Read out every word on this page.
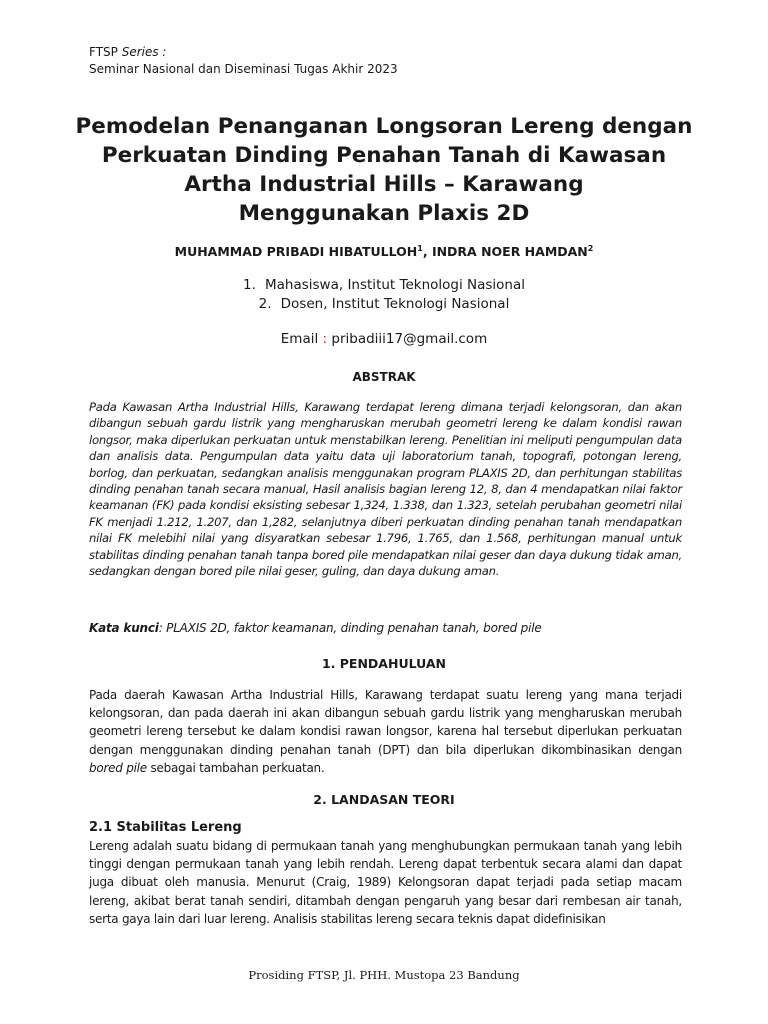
FTSP Series :
Seminar Nasional dan Diseminasi Tugas Akhir 2023
Pemodelan Penanganan Longsoran Lereng dengan
Perkuatan Dinding Penahan Tanah di Kawasan
Artha Industrial Hills – Karawang
Menggunakan Plaxis 2D
MUHAMMAD PRIBADI HIBATULLOH$^1$, INDRA NOER HAMDAN$^2$
1. Mahasiswa, Institut Teknologi Nasional
2. Dosen, Institut Teknologi Nasional
Email : pribadiii17@gmail.com
ABSTRAK
Pada Kawasan Artha Industrial Hills, Karawang terdapat lereng dimana terjadi kelongsoran, dan akan dibangun sebuah gardu listrik yang mengharuskan merubah geometri lereng ke dalam kondisi rawan longsor, maka diperlukan perkuatan untuk menstabilkan lereng. Penelitian ini meliputi pengumpulan data dan analisis data. Pengumpulan data yaitu data uji laboratorium tanah, topografi, potongan lereng, borlog, dan perkuatan, sedangkan analisis menggunakan program PLAXIS 2D, dan perhitungan stabilitas dinding penahan tanah secara manual, Hasil analisis bagian lereng 12, 8, dan 4 mendapatkan nilai faktor keamanan (FK) pada kondisi eksisting sebesar 1,324, 1.338, dan 1.323, setelah perubahan geometri nilai FK menjadi 1.212, 1.207, dan 1,282, selanjutnya diberi perkuatan dinding penahan tanah mendapatkan nilai FK melebihi nilai yang disyaratkan sebesar 1.796, 1.765, dan 1.568, perhitungan manual untuk stabilitas dinding penahan tanah tanpa bored pile mendapatkan nilai geser dan daya dukung tidak aman, sedangkan dengan bored pile nilai geser, guling, dan daya dukung aman.
Kata kunci: PLAXIS 2D, faktor keamanan, dinding penahan tanah, bored pile
1. PENDAHULUAN
Pada daerah Kawasan Artha Industrial Hills, Karawang terdapat suatu lereng yang mana terjadi kelongsoran, dan pada daerah ini akan dibangun sebuah gardu listrik yang mengharuskan merubah geometri lereng tersebut ke dalam kondisi rawan longsor, karena hal tersebut diperlukan perkuatan dengan menggunakan dinding penahan tanah (DPT) dan bila diperlukan dikombinasikan dengan bored pile sebagai tambahan perkuatan.
2. LANDASAN TEORI
2.1 Stabilitas Lereng
Lereng adalah suatu bidang di permukaan tanah yang menghubungkan permukaan tanah yang lebih tinggi dengan permukaan tanah yang lebih rendah. Lereng dapat terbentuk secara alami dan dapat juga dibuat oleh manusia. Menurut (Craig, 1989) Kelongsoran dapat terjadi pada setiap macam lereng, akibat berat tanah sendiri, ditambah dengan pengaruh yang besar dari rembesan air tanah, serta gaya lain dari luar lereng. Analisis stabilitas lereng secara teknis dapat didefinisikan
Prosiding FTSP, Jl. PHH. Mustopa 23 Bandung
